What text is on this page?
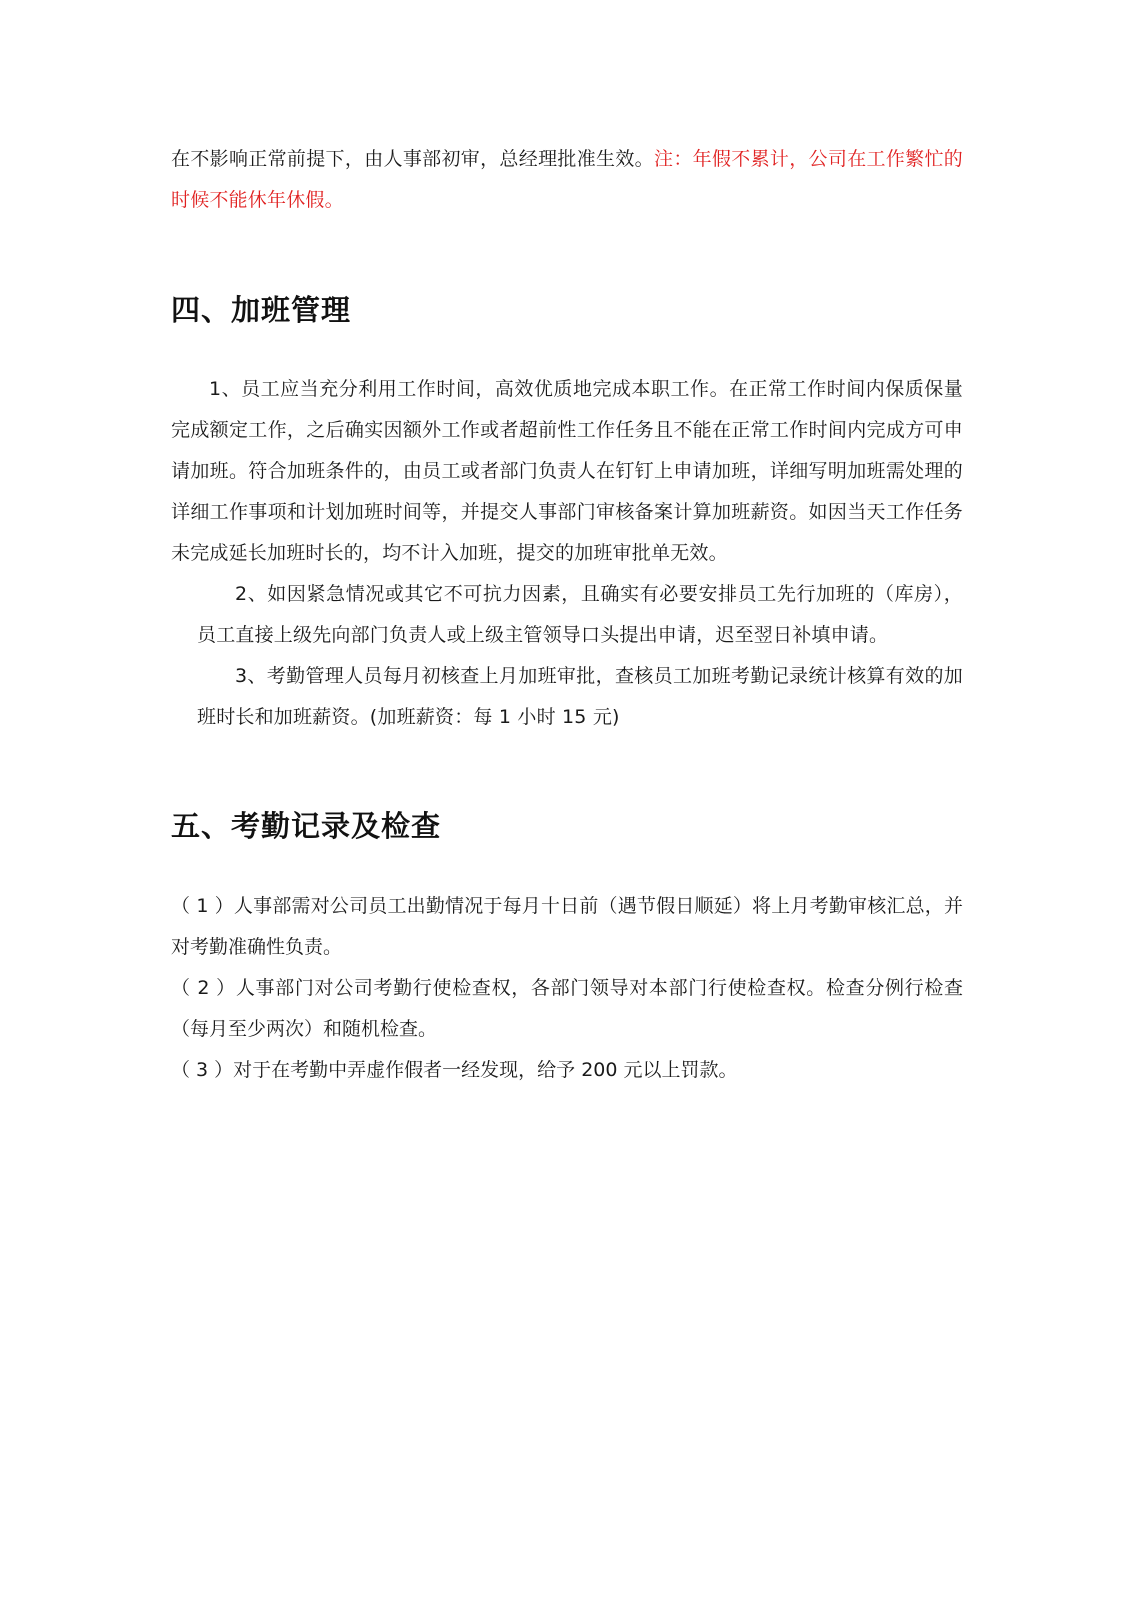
在不影响正常前提下，由人事部初审，总经理批准生效。注：年假不累计，公司在工作繁忙的时候不能休年休假。

四、加班管理

1、员工应当充分利用工作时间，高效优质地完成本职工作。在正常工作时间内保质保量完成额定工作，之后确实因额外工作或者超前性工作任务且不能在正常工作时间内完成方可申请加班。符合加班条件的，由员工或者部门负责人在钉钉上申请加班，详细写明加班需处理的详细工作事项和计划加班时间等，并提交人事部门审核备案计算加班薪资。如因当天工作任务未完成延长加班时长的，均不计入加班，提交的加班审批单无效。

2、如因紧急情况或其它不可抗力因素，且确实有必要安排员工先行加班的（库房），员工直接上级先向部门负责人或上级主管领导口头提出申请，迟至翌日补填申请。

3、考勤管理人员每月初核查上月加班审批，查核员工加班考勤记录统计核算有效的加班时长和加班薪资。(加班薪资：每 1 小时 15 元)

五、考勤记录及检查

（ 1 ）人事部需对公司员工出勤情况于每月十日前（遇节假日顺延）将上月考勤审核汇总，并对考勤准确性负责。

（ 2 ）人事部门对公司考勤行使检查权，各部门领导对本部门行使检查权。检查分例行检查（每月至少两次）和随机检查。

（ 3 ）对于在考勤中弄虚作假者一经发现，给予 200 元以上罚款。
